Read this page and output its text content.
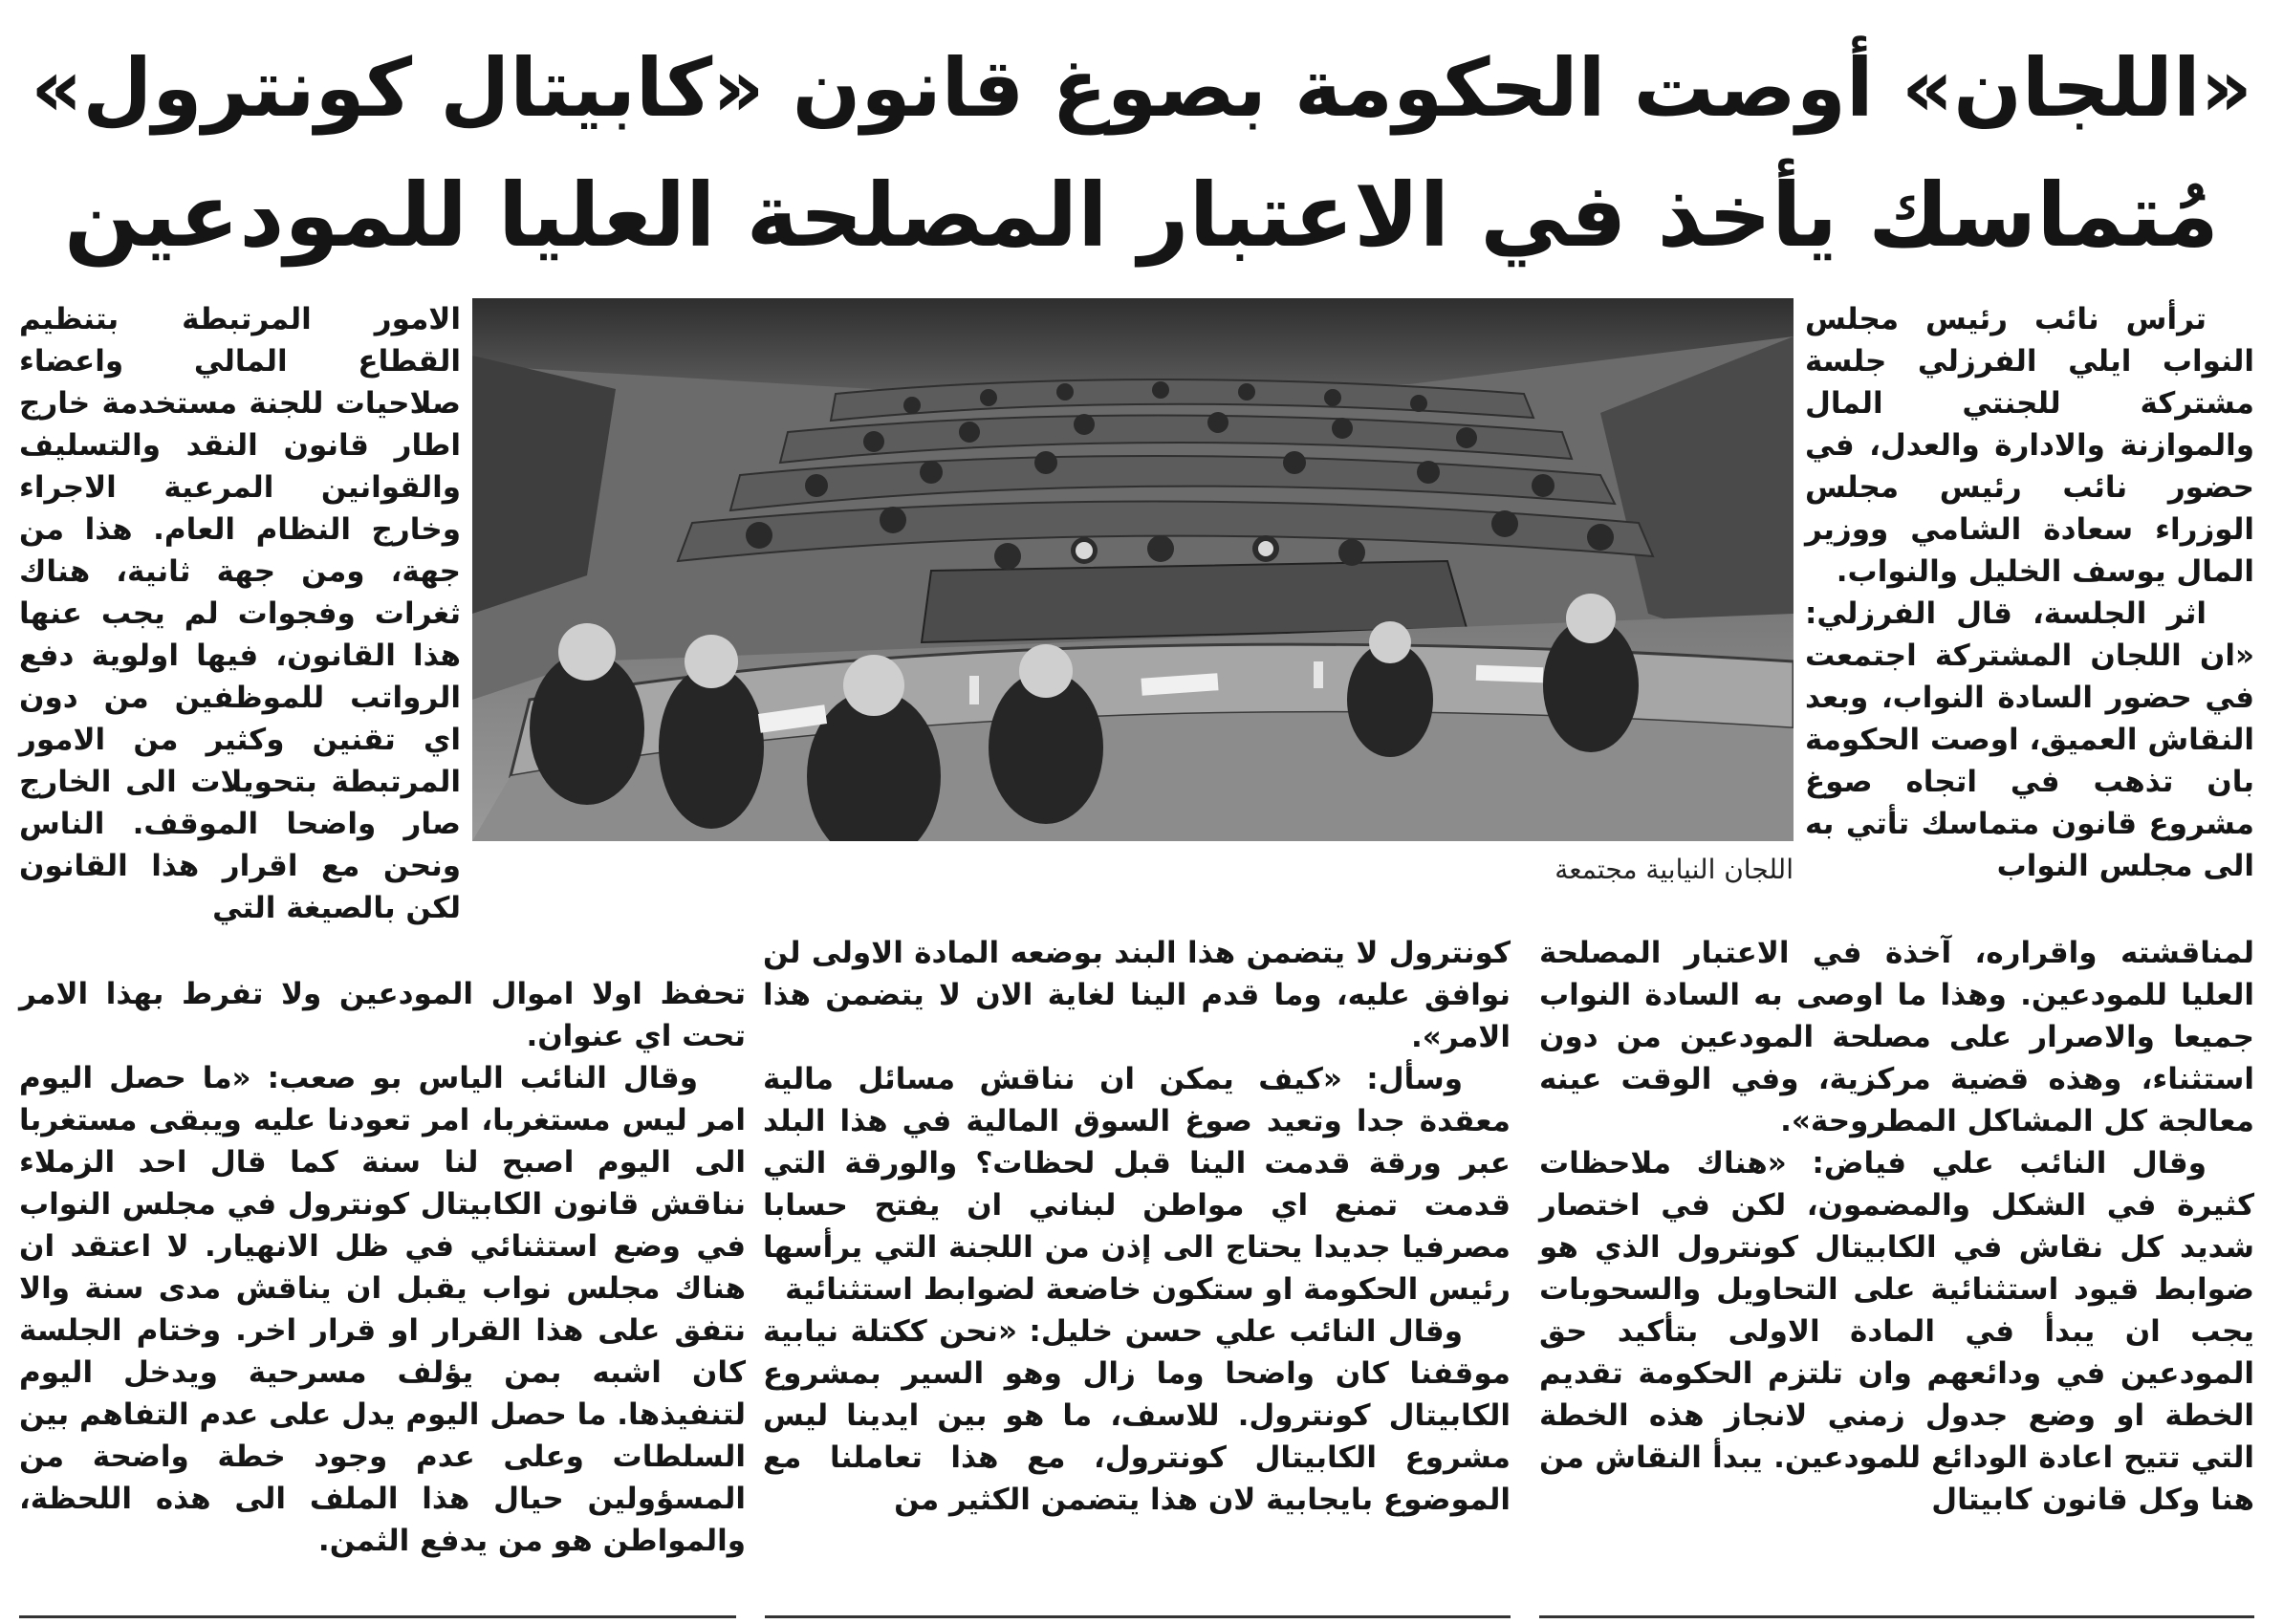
«اللجان» أوصت الحكومة بصوغ قانون «كابيتال كونترول»
مُتماسك يأخذ في الاعتبار المصلحة العليا للمودعين

ترأس نائب رئيس مجلس النواب ايلي الفرزلي جلسة مشتركة للجنتي المال والموازنة والادارة والعدل، في حضور نائب رئيس مجلس الوزراء سعادة الشامي ووزير المال يوسف الخليل والنواب.

اثر الجلسة، قال الفرزلي: «ان اللجان المشتركة اجتمعت في حضور السادة النواب، وبعد النقاش العميق، اوصت الحكومة بان تذهب في اتجاه صوغ مشروع قانون متماسك تأتي به الى مجلس النواب

لمناقشته واقراره، آخذة في الاعتبار المصلحة العليا للمودعين. وهذا ما اوصى به السادة النواب جميعا والاصرار على مصلحة المودعين من دون استثناء، وهذه قضية مركزية، وفي الوقت عينه معالجة كل المشاكل المطروحة».

وقال النائب علي فياض: «هناك ملاحظات كثيرة في الشكل والمضمون، لكن في اختصار شديد كل نقاش في الكابيتال كونترول الذي هو ضوابط قيود استثنائية على التحاويل والسحوبات يجب ان يبدأ في المادة الاولى بتأكيد حق المودعين في ودائعهم وان تلتزم الحكومة تقديم الخطة او وضع جدول زمني لانجاز هذه الخطة التي تتيح اعادة الودائع للمودعين. يبدأ النقاش من هنا وكل قانون كابيتال

كونترول لا يتضمن هذا البند بوضعه المادة الاولى لن نوافق عليه، وما قدم الينا لغاية الان لا يتضمن هذا الامر».

وسأل: «كيف يمكن ان نناقش مسائل مالية معقدة جدا وتعيد صوغ السوق المالية في هذا البلد عبر ورقة قدمت الينا قبل لحظات؟ والورقة التي قدمت تمنع اي مواطن لبناني ان يفتح حسابا مصرفيا جديدا يحتاج الى إذن من اللجنة التي يرأسها رئيس الحكومة او ستكون خاضعة لضوابط استثنائية

وقال النائب علي حسن خليل: «نحن ككتلة نيابية موقفنا كان واضحا وما زال وهو السير بمشروع الكابيتال كونترول. للاسف، ما هو بين ايدينا ليس مشروع الكابيتال كونترول، مع هذا تعاملنا مع الموضوع بايجابية لان هذا يتضمن الكثير من

الامور المرتبطة بتنظيم القطاع المالي واعضاء صلاحيات للجنة مستخدمة خارج اطار قانون النقد والتسليف والقوانين المرعية الاجراء وخارج النظام العام. هذا من جهة، ومن جهة ثانية، هناك ثغرات وفجوات لم يجب عنها هذا القانون، فيها اولوية دفع الرواتب للموظفين من دون اي تقنين وكثير من الامور المرتبطة بتحويلات الى الخارج صار واضحا الموقف. الناس ونحن مع اقرار هذا القانون لكن بالصيغة التي

تحفظ اولا اموال المودعين ولا تفرط بهذا الامر تحت اي عنوان.

وقال النائب الياس بو صعب: «ما حصل اليوم امر ليس مستغربا، امر تعودنا عليه ويبقى مستغربا الى اليوم اصبح لنا سنة كما قال احد الزملاء نناقش قانون الكابيتال كونترول في مجلس النواب في وضع استثنائي في ظل الانهيار. لا اعتقد ان هناك مجلس نواب يقبل ان يناقش مدى سنة والا نتفق على هذا القرار او قرار اخر. وختام الجلسة كان اشبه بمن يؤلف مسرحية ويدخل اليوم لتنفيذها. ما حصل اليوم يدل على عدم التفاهم بين السلطات وعلى عدم وجود خطة واضحة من المسؤولين حيال هذا الملف الى هذه اللحظة، والمواطن هو من يدفع الثمن.

اللجان النيابية مجتمعة
